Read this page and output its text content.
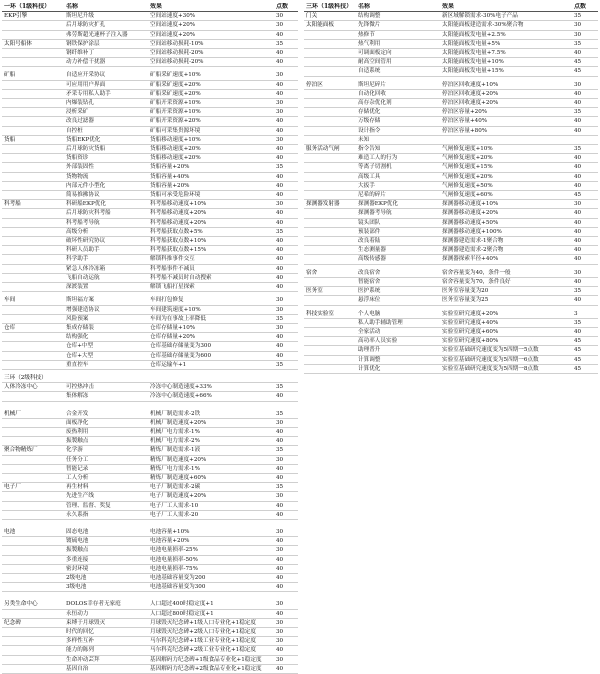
一环（1级科技）	名称	效果	点数
EKP引擎	斯坦尼升级	空间站速度+30%	30
	后月球防灾扩孔	空间站速度+20%	30
	弗劳斯超光速杯子注入器	空间站速度+20%	40
太阳号船体	钢铁保护涂层	空间站移动损耗-10%	35
	钢纤维补丁	空间站移动损耗-20%	40
	动力补偿干扰器	空间站移动损耗-20%	40

矿船	自适应开采协议	矿船采矿速度+10%	30
	可应用用户界面	矿船采矿速度+20%	40
	矛采专用私人助手	矿船采矿速度+20%	40
	内爆装钻孔	矿船开采资源+10%	30
	浸析采矿	矿船开采资源+10%	30
	改良过滤器	矿船开采资源+20%	40
	自控桩	矿船可采集贵源坏境	40
货船	货船EKP优化	货船移动速度+10%	30
	后月球防灾货船	货船移动速度+20%	40
	货船资诊	货船移动速度+20%	40
	外部装固性	货船容量+20%	35
	货物物流	货船容量+40%	40
	内部元件小型化	货船容量+20%	40
	简易推拂协议	货船可承受危险环境	40
科考船	科研船EKP优化	科考船移动速度+10%	30
	后月球防灾科考船	科考船移动速度+20%	40
	科考船考导航	科考船移动速度+20%	40
	高级分析	科考船获取点数+5%	35
	破坏性研究协议	科考船获取点数+10%	40
	科研人员助手	科考船获取点数+15%	40
	科学助手	解锁科推事件交互	40
	紧急人体冷冻箱	科考船事件不减员	40
	飞船自动运航	科考船不减员时自动搜索	40
	深渡装置	解锁飞船打星探索	40

车间	斯坦福方案	车间打包修复	30
	增强建造协议	车间建筑速度+10%	30
	风险预案	车间为在事故上率降低	35
仓库	集成存储装	仓库存储量+10%	30
	结构强化	仓库存储量+20%	40
	仓库+中型	仓库基础存储量变为300	40
	仓库+大型	仓库基础存储量变为600	40
	重直控车	仓库运输车+1	35

三环（2级科技）			
人体冷冻中心	可控热冲击	冷冻中心制造速度+33%	35
	集体解冻	冷冻中心制造速度+66%	40

机械厂	合金开发	机械厂制造需求-2铁	35
	面板净化	机械厂制造速度+20%	30
	废热利用	机械厂电力需求-1%	40
	振製触点	机械厂电力需求-2%	40
聚合物精炼厂	化学游	精炼厂制造需求-1液	35
	任务分工	精炼厂制造速度+20%	30
	智能记录	精炼厂电力需求-1%	40
	工人分析	精炼厂制造速度+60%	40
电子厂	再生材料	电子厂制造需求-2碳	35
	先进生产线	电子厂制造速度+20%	30
	管理、监督、奖复	电子厂工人需求-10	40
	永久系指	电子厂工人需求-20	40

电池	固态电池	电池容量+10%	30
	镀硫电池	电池容量+20%	40
	振製触点	电池电量损率-25%	30
	多重连接	电池电量损率-50%	40
	密封环境	电池电量损率-75%	40
	2级电池	电池基础容量变为200	40
	3级电池	电池基础容量变为300	40

另类生命中心	DOLOS幸存者无家庭	人口超过400时稳定度+1	30
	永恒动力	人口超过800时稳定度+1	40
纪念碑	束缚于月球毁灭	月球毁灭纪念碑+1级人口专业化+1稳定度	30
	时代的回忆	月球毁灭纪念碑+2级人口专业化+1稳定度	30
	多样性互补	马尔科克纪念碑+1级工业专业化+1稳定度	30
	能力的陈列	马尔科克纪念碑+2级工业专业化+1稳定度	40
	生命冲动芸拜	基因解码力纪念碑+1级食品专业化+1稳定度	30
	基因自治	基因解码力纪念碑+2级食品专业化+1稳定度	40
三环（1级科技）	名称	效果	点数
门关	结构调整	新区域解锁需求-30%电子产品	35
太阳能面板	先锋微片	太阳能面板建造需求-30%聚合物	30
	热修节	太阳能面板发电量+2.5%	30
	热气利用	太阳能面板发电量+5%	35
	可调面板定向	太阳能面板发电量+7.5%	40
	耐高空间管用	太阳能面板发电量+10%	45
	自适系统	太阳能面板发电量+15%	45

停泊区	斯坦尼碎片	停泊区回收速度+10%	30
	自动化回收	停泊区回收速度+20%	40
	高存杂优化剂	停泊区回收速度+20%	40
	存储优化	停泊区容量+20%	35
	万级存储	停泊区容量+40%	40
	设计指令	停泊区容量+80%	40
	未知		
服务活动气闸	指令告知	气闸修复速度+10%	35
	难造工人的行为	气闸修复速度+20%	40
	等离子切割机	气闸修复速度+15%	40
	高级工具	气闸修复速度+20%	40
	大扳手	气闸修复速度+50%	40
	尼希的碎片	气闸修复速度+60%	45
探测器发射器	探测器EKP优化	探测器移动速度+10%	30
	探测器考导航	探测器移动速度+20%	40
	镜头团队	探测器移动速度+50%	40
	预装部件	探测器移动速度+100%	40
	改良着陆	探测器建造需求-1聚合物	40
	生态测量器	探测器建造需求-2聚合物	40
	高级传感器	探测器探索半径+40%	40

宿舍	改良宿舍	宿舍容量变为40，条件一般	30
	智能宿舍	宿舍容量变为70，条件良好	40
医务室	医护系统	医务室容量变为20	35
	悬浮床位	医务室容量变为25	40

科技实验室	个人电脑	实验室研究速度+20%	3
	私人助手辅助管理	实验室研究速度+40%	35
	全家活动	实验室研究速度+60%	40
	高功率人员实验	实验室研究速度+80%	45
	助理普升	实验室基础研究速度变为5四期一5点数	45
	计算调整	实验室基础研究速度变为5四期一6点数	45
	计算优化	实验室基础研究速度变为5四期一8点数	45
